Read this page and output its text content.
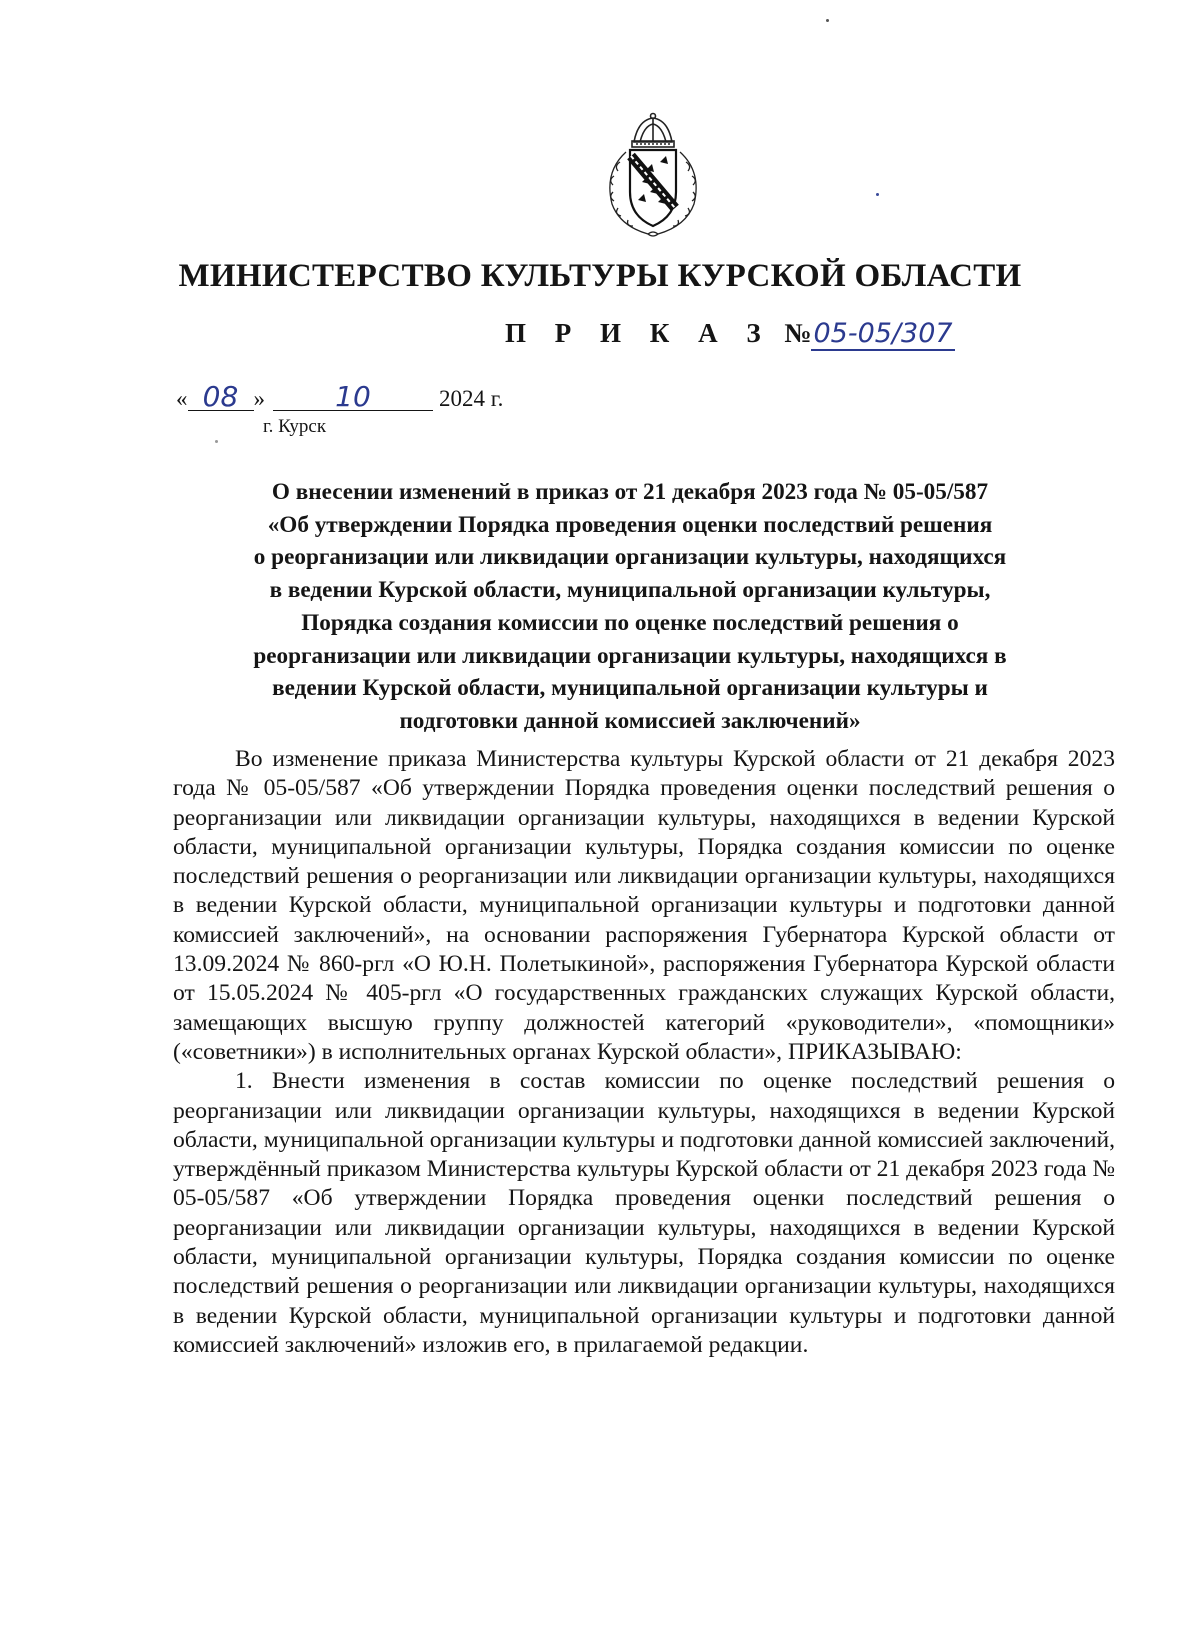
МИНИСТЕРСТВО КУЛЬТУРЫ КУРСКОЙ ОБЛАСТИ
П Р И К А З №05-05/307
« 08 »	10	2024 г.
г. Курск
О внесении изменений в приказ от 21 декабря 2023 года № 05-05/587
«Об утверждении Порядка проведения оценки последствий решения
о реорганизации или ликвидации организации культуры, находящихся
в ведении Курской области, муниципальной организации культуры,
Порядка создания комиссии по оценке последствий решения о
реорганизации или ликвидации организации культуры, находящихся в
ведении Курской области, муниципальной организации культуры и
подготовки данной комиссией заключений»

Во изменение приказа Министерства культуры Курской области от 21 декабря 2023 года № 05-05/587 «Об утверждении Порядка проведения оценки последствий решения о реорганизации или ликвидации организации культуры, находящихся в ведении Курской области, муниципальной организации культуры, Порядка создания комиссии по оценке последствий решения о реорганизации или ликвидации организации культуры, находящихся в ведении Курской области, муниципальной организации культуры и подготовки данной комиссией заключений», на основании распоряжения Губернатора Курской области от 13.09.2024 № 860-ргл «О Ю.Н. Полетыкиной», распоряжения Губернатора Курской области от 15.05.2024 № 405-ргл «О государственных гражданских служащих Курской области, замещающих высшую группу должностей категорий «руководители», «помощники» («советники») в исполнительных органах Курской области», ПРИКАЗЫВАЮ:

1. Внести изменения в состав комиссии по оценке последствий решения о реорганизации или ликвидации организации культуры, находящихся в ведении Курской области, муниципальной организации культуры и подготовки данной комиссией заключений, утверждённый приказом Министерства культуры Курской области от 21 декабря 2023 года № 05-05/587 «Об утверждении Порядка проведения оценки последствий решения о реорганизации или ликвидации организации культуры, находящихся в ведении Курской области, муниципальной организации культуры, Порядка создания комиссии по оценке последствий решения о реорганизации или ликвидации организации культуры, находящихся в ведении Курской области, муниципальной организации культуры и подготовки данной комиссией заключений» изложив его, в прилагаемой редакции.
